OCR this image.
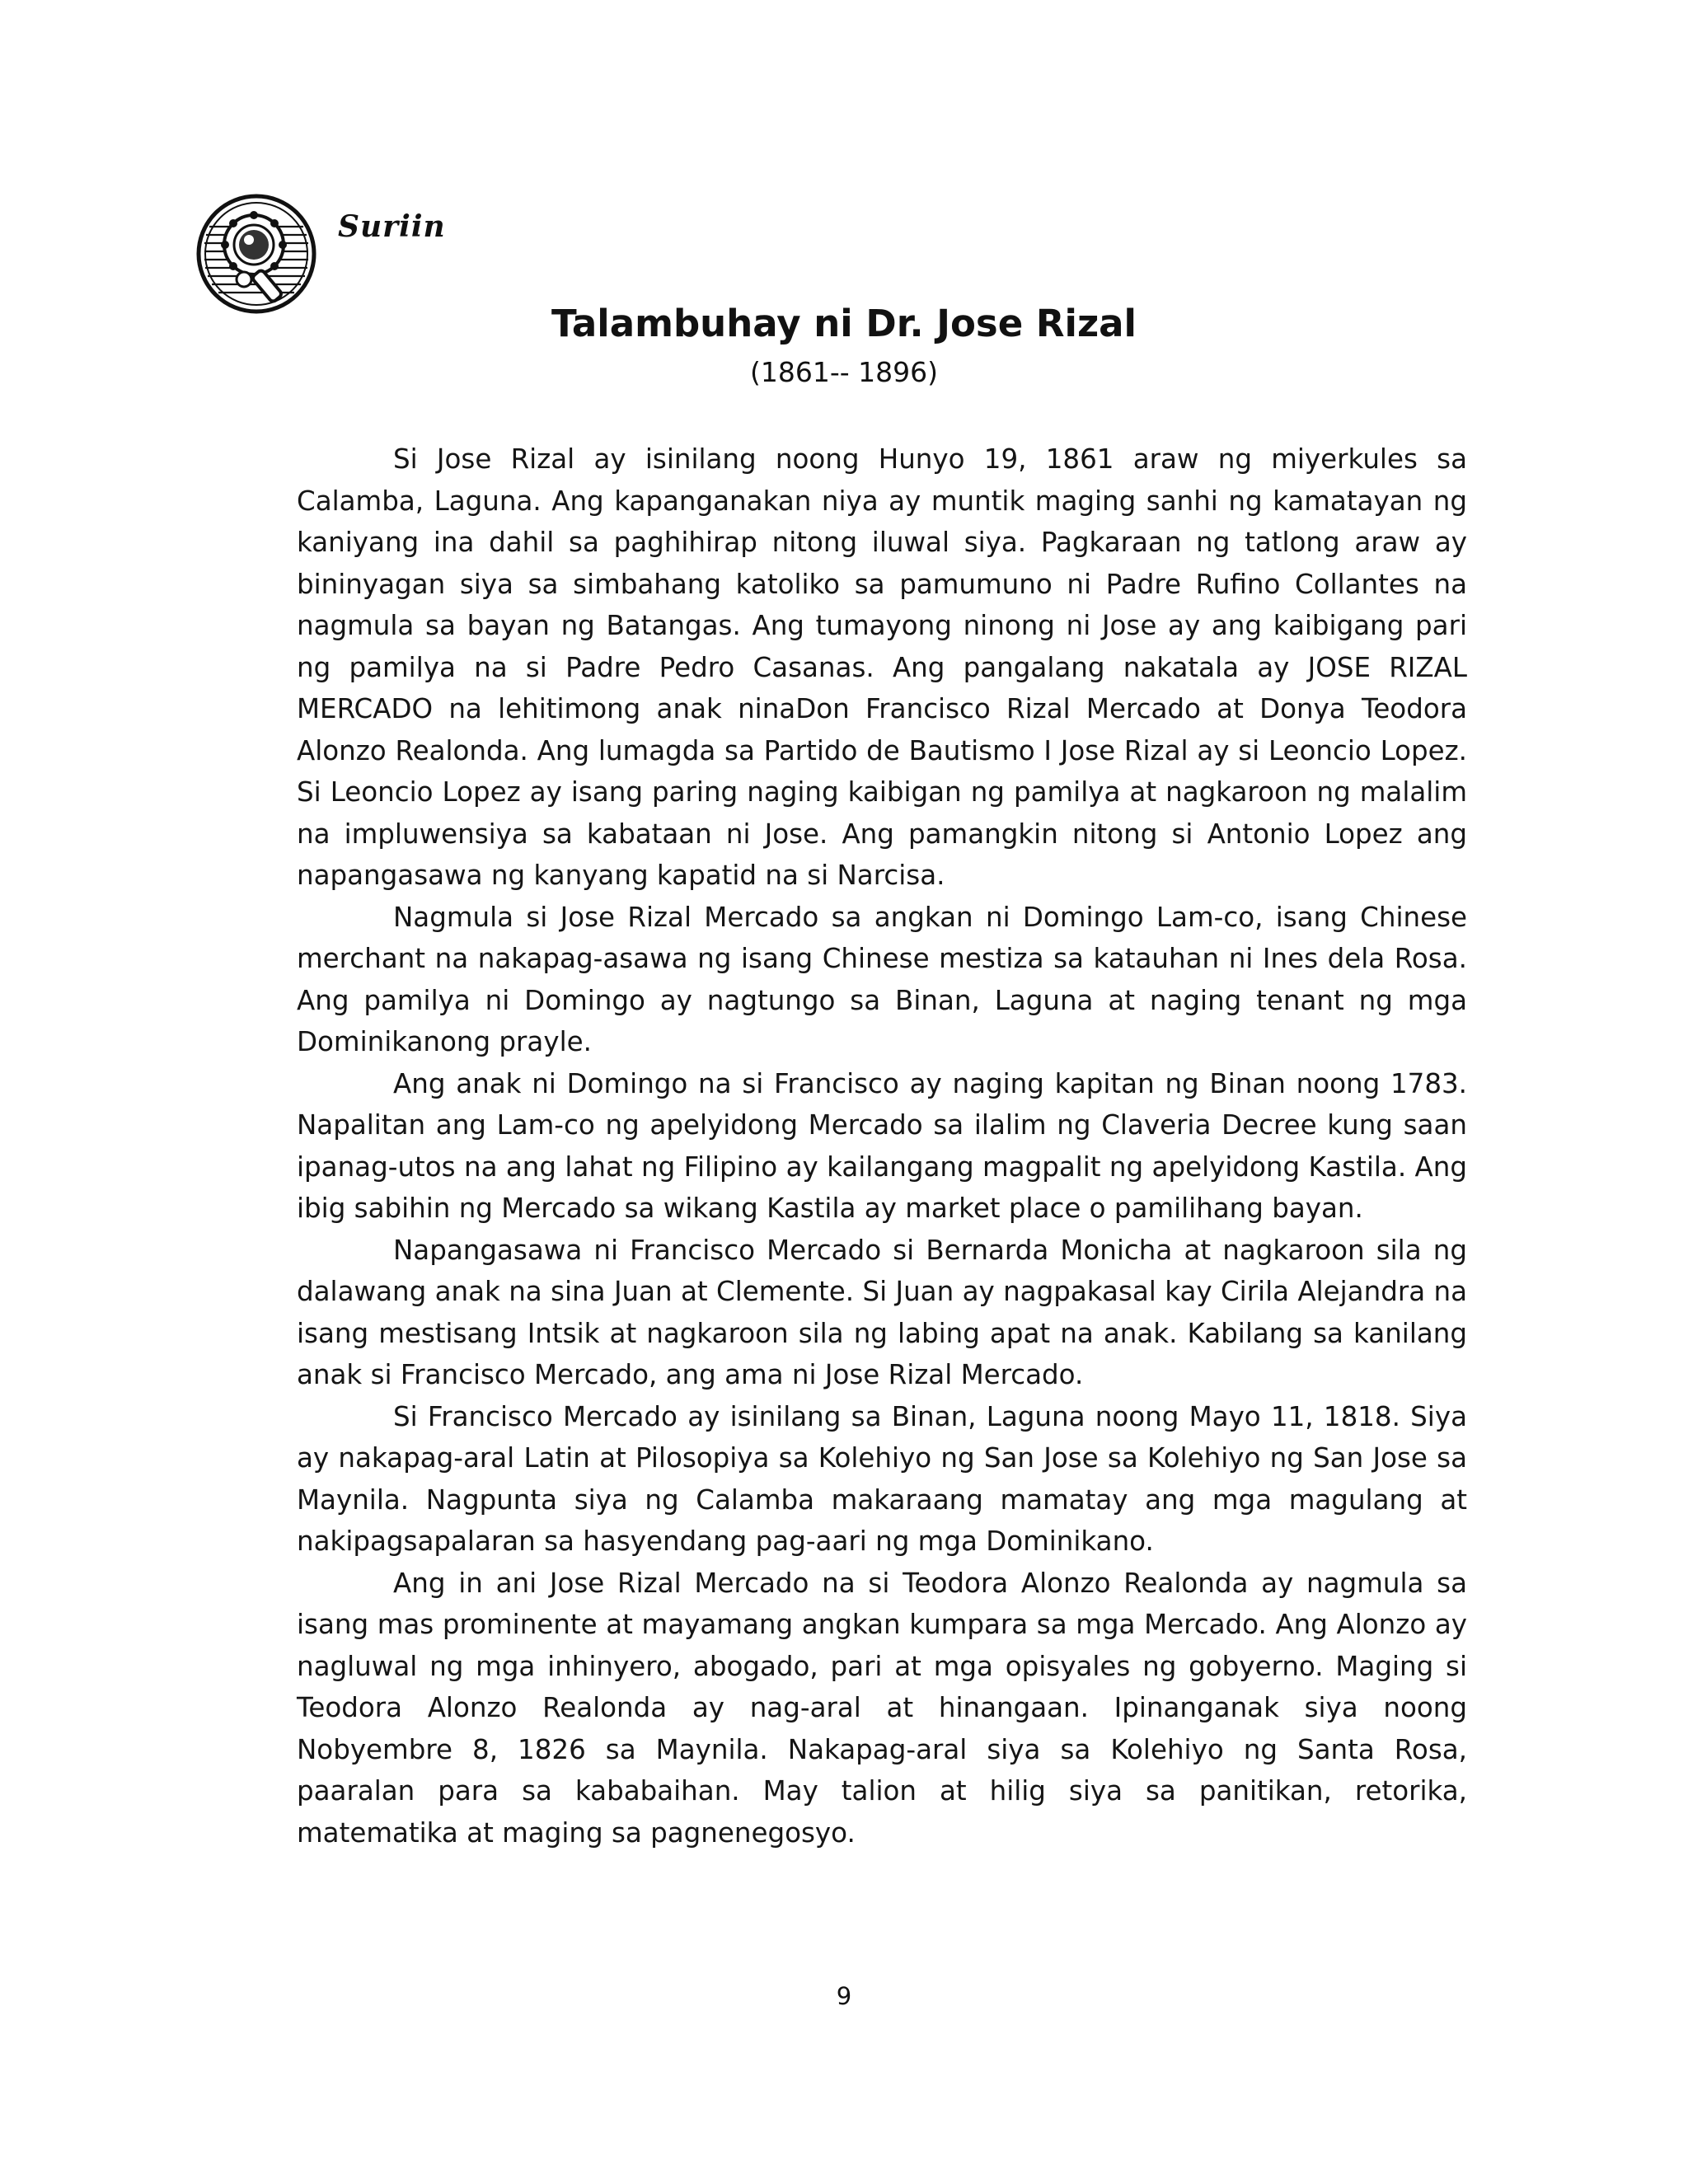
Suriin
Talambuhay ni Dr. Jose Rizal
(1861-- 1896)

Si Jose Rizal ay isinilang noong Hunyo 19, 1861 araw ng miyerkules sa Calamba, Laguna. Ang kapanganakan niya ay muntik maging sanhi ng kamatayan ng kaniyang ina dahil sa paghihirap nitong iluwal siya. Pagkaraan ng tatlong araw ay bininyagan siya sa simbahang katoliko sa pamumuno ni Padre Rufino Collantes na nagmula sa bayan ng Batangas. Ang tumayong ninong ni Jose ay ang kaibigang pari ng pamilya na si Padre Pedro Casanas. Ang pangalang nakatala ay JOSE RIZAL MERCADO na lehitimong anak ninaDon Francisco Rizal Mercado at Donya Teodora Alonzo Realonda. Ang lumagda sa Partido de Bautismo I Jose Rizal ay si Leoncio Lopez. Si Leoncio Lopez ay isang paring naging kaibigan ng pamilya at nagkaroon ng malalim na impluwensiya sa kabataan ni Jose. Ang pamangkin nitong si Antonio Lopez ang napangasawa ng kanyang kapatid na si Narcisa.

Nagmula si Jose Rizal Mercado sa angkan ni Domingo Lam-co, isang Chinese merchant na nakapag-asawa ng isang Chinese mestiza sa katauhan ni Ines dela Rosa. Ang pamilya ni Domingo ay nagtungo sa Binan, Laguna at naging tenant ng mga Dominikanong prayle.

Ang anak ni Domingo na si Francisco ay naging kapitan ng Binan noong 1783. Napalitan ang Lam-co ng apelyidong Mercado sa ilalim ng Claveria Decree kung saan ipanag-utos na ang lahat ng Filipino ay kailangang magpalit ng apelyidong Kastila. Ang ibig sabihin ng Mercado sa wikang Kastila ay market place o pamilihang bayan.

Napangasawa ni Francisco Mercado si Bernarda Monicha at nagkaroon sila ng dalawang anak na sina Juan at Clemente. Si Juan ay nagpakasal kay Cirila Alejandra na isang mestisang Intsik at nagkaroon sila ng labing apat na anak. Kabilang sa kanilang anak si Francisco Mercado, ang ama ni Jose Rizal Mercado.

Si Francisco Mercado ay isinilang sa Binan, Laguna noong Mayo 11, 1818. Siya ay nakapag-aral Latin at Pilosopiya sa Kolehiyo ng San Jose sa Kolehiyo ng San Jose sa Maynila. Nagpunta siya ng Calamba makaraang mamatay ang mga magulang at nakipagsapalaran sa hasyendang pag-aari ng mga Dominikano.

Ang in ani Jose Rizal Mercado na si Teodora Alonzo Realonda ay nagmula sa isang mas prominente at mayamang angkan kumpara sa mga Mercado. Ang Alonzo ay nagluwal ng mga inhinyero, abogado, pari at mga opisyales ng gobyerno. Maging si Teodora Alonzo Realonda ay nag-aral at hinangaan. Ipinanganak siya noong Nobyembre 8, 1826 sa Maynila. Nakapag-aral siya sa Kolehiyo ng Santa Rosa, paaralan para sa kababaihan. May talion at hilig siya sa panitikan, retorika, matematika at maging sa pagnenegosyo.

9
